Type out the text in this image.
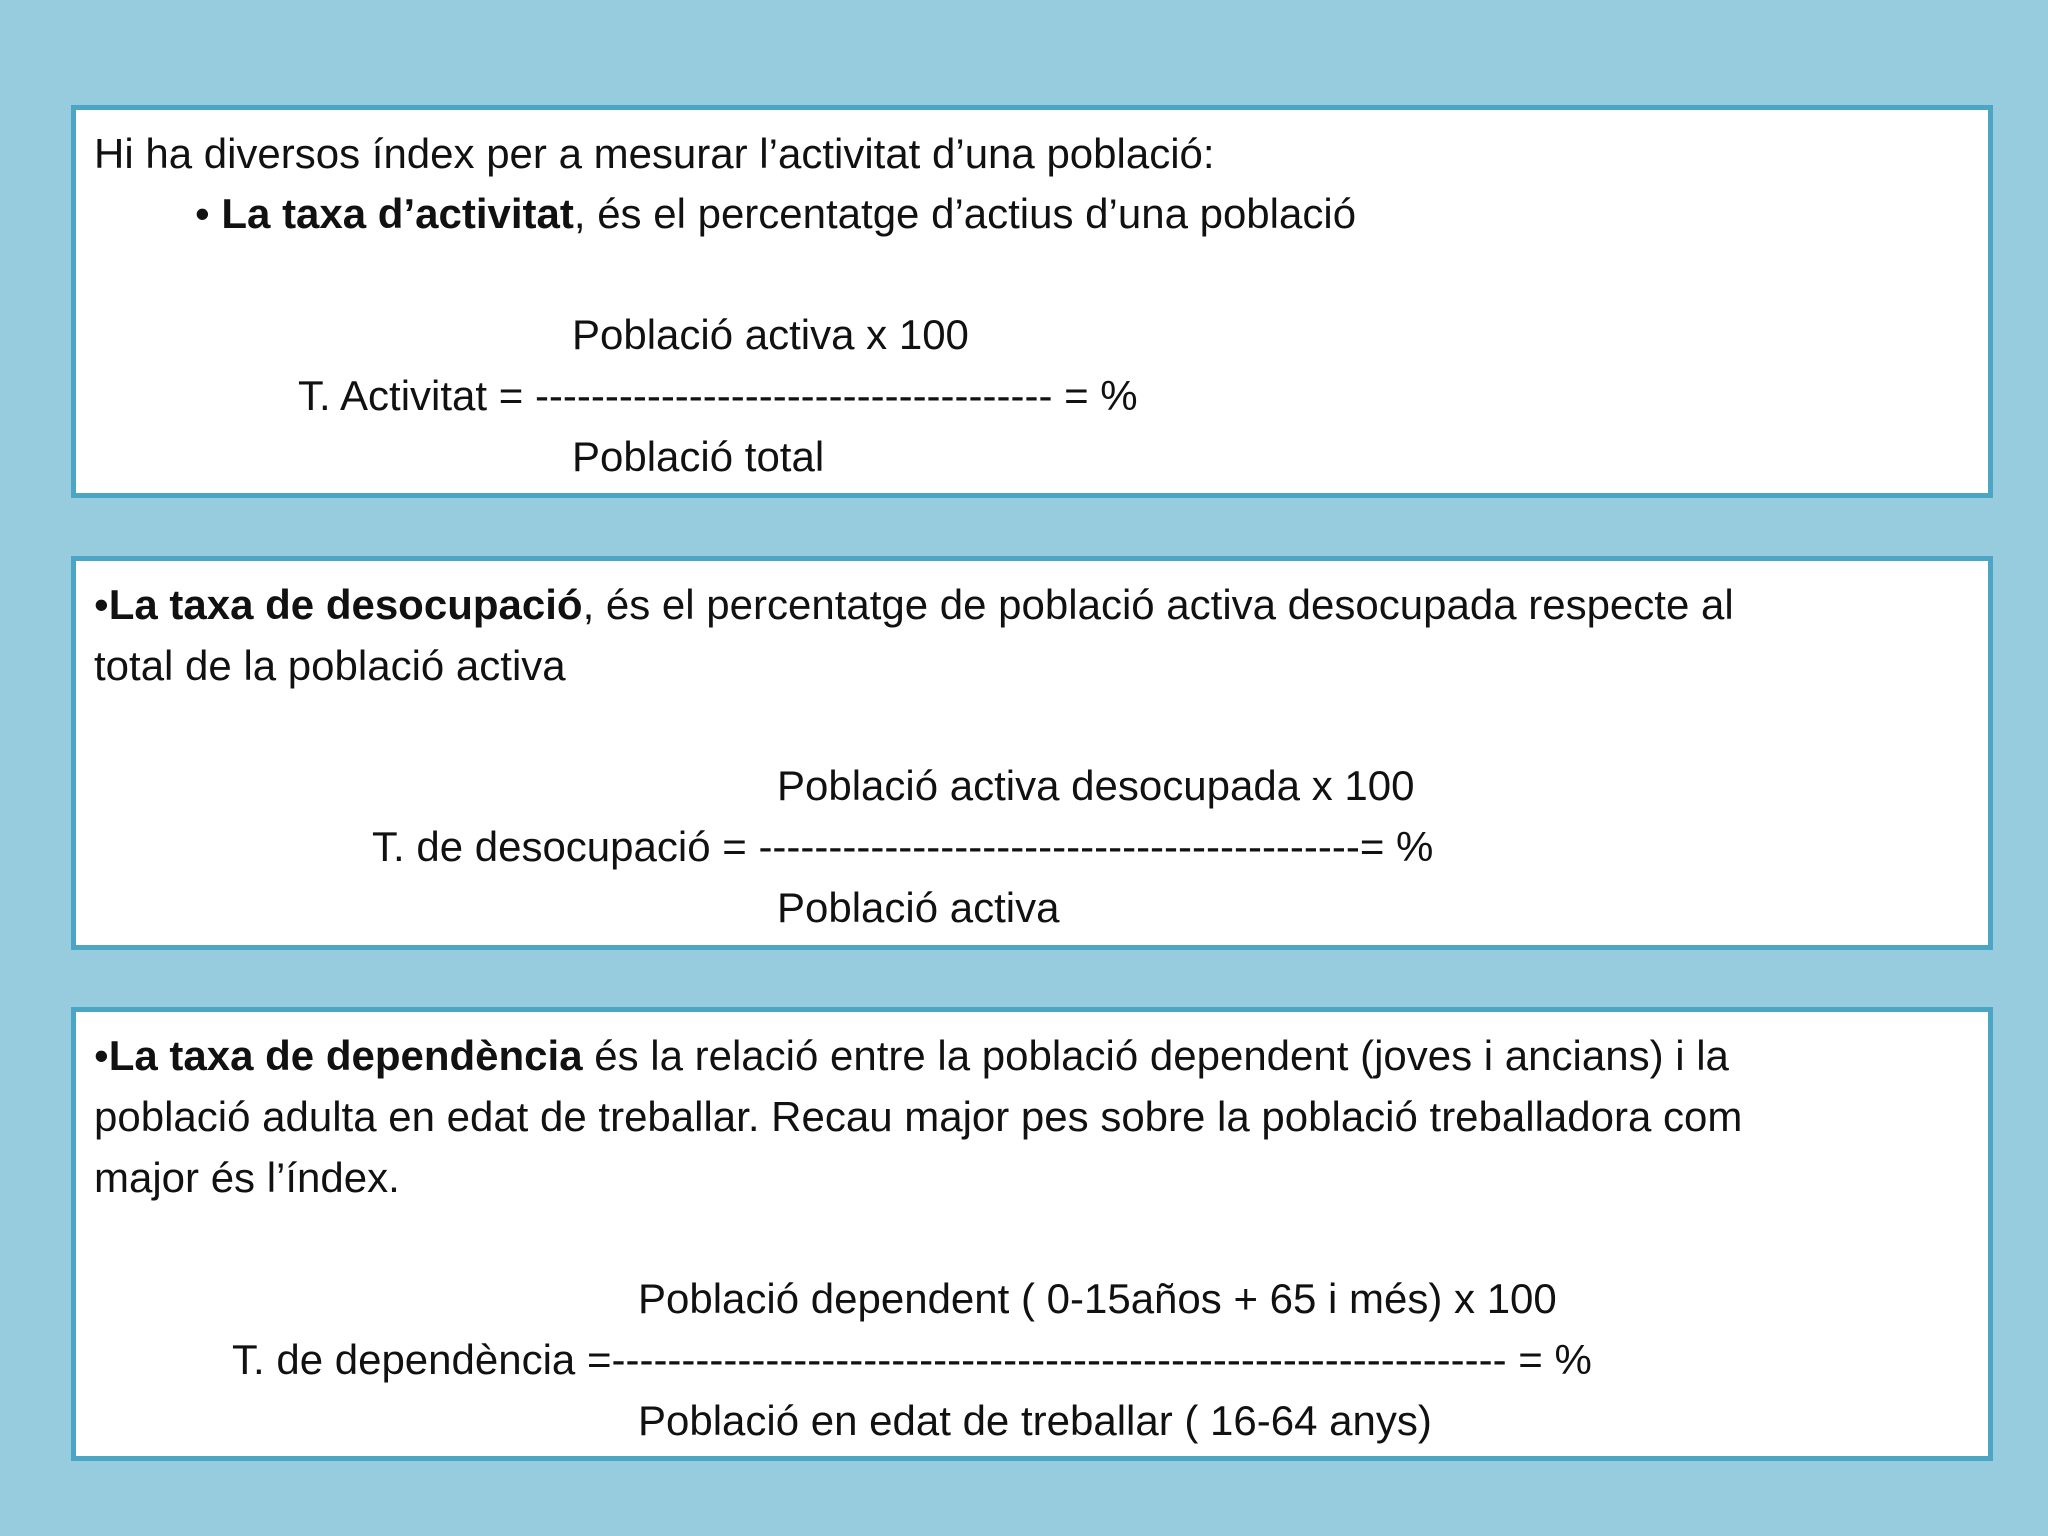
Hi ha diversos índex per a mesurar l’activitat d’una població:
• La taxa d’activitat, és el percentatge d’actius d’una població
Població activa x 100
T. Activitat = ------------------------------------- = %
Població total
•La taxa de desocupació, és el percentatge de població activa desocupada respecte al
total de la població activa
Població activa desocupada x 100
T. de desocupació = -------------------------------------------= %
Població activa
•La taxa de dependència és la relació entre la població dependent (joves i ancians) i la
població adulta en edat de treballar. Recau major pes sobre la població treballadora com
major és l’índex.
Població dependent ( 0-15años + 65 i més) x 100
T. de dependència =---------------------------------------------------------------- = %
Població en edat de treballar ( 16-64 anys)
